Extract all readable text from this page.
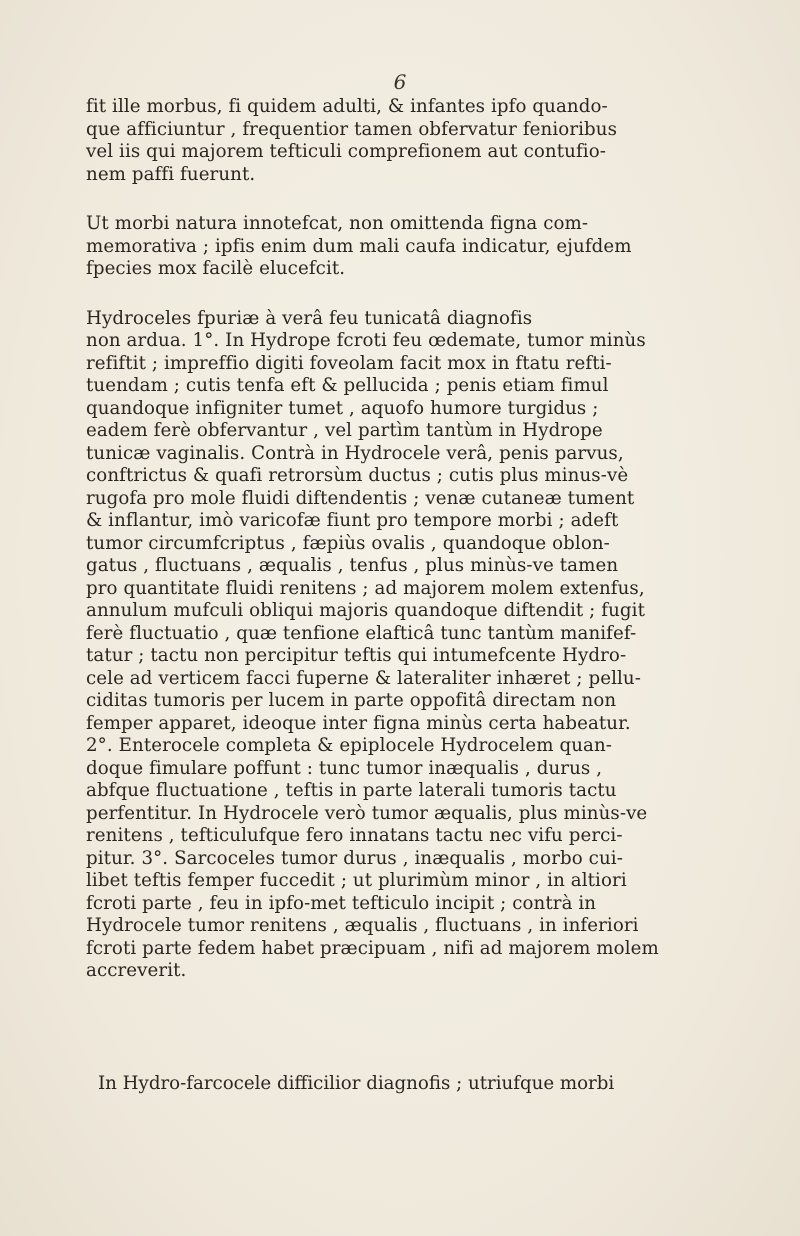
6

fit ille morbus, fi quidem adulti, & infantes ipfo quando-
que afficiuntur , frequentior tamen obfervatur fenioribus
vel iis qui majorem tefticuli comprefionem aut contufio-
nem paffi fuerunt.

Ut morbi natura innotefcat, non omittenda figna com-
memorativa ; ipfis enim dum mali caufa indicatur, ejufdem
fpecies mox facilè elucefcit.

Hydroceles fpuriæ à verâ feu tunicatâ diagnofis
non ardua. 1°. In Hydrope fcroti feu œdemate, tumor minùs
refiftit ; impreffio digiti foveolam facit mox in ftatu refti-
tuendam ; cutis tenfa eft & pellucida ; penis etiam fimul
quandoque infigniter tumet , aquofo humore turgidus ;
eadem ferè obfervantur , vel partìm tantùm in Hydrope
tunicæ vaginalis. Contrà in Hydrocele verâ, penis parvus,
conftrictus & quafi retrorsùm ductus ; cutis plus minus-vè
rugofa pro mole fluidi diftendentis ; venæ cutaneæ tument
& inflantur, imò varicofæ fiunt pro tempore morbi ; adeft
tumor circumfcriptus , fæpiùs ovalis , quandoque oblon-
gatus , fluctuans , æqualis , tenfus , plus minùs-ve tamen
pro quantitate fluidi renitens ; ad majorem molem extenfus,
annulum mufculi obliqui majoris quandoque diftendit ; fugit
ferè fluctuatio , quæ tenfione elafticâ tunc tantùm manifef-
tatur ; tactu non percipitur teftis qui intumefcente Hydro-
cele ad verticem facci fuperne & lateraliter inhæret ; pellu-
ciditas tumoris per lucem in parte oppofitâ directam non
femper apparet, ideoque inter figna minùs certa habeatur.
2°. Enterocele completa & epiplocele Hydrocelem quan-
doque fimulare poffunt : tunc tumor inæqualis , durus ,
abfque fluctuatione , teftis in parte laterali tumoris tactu
perfentitur. In Hydrocele verò tumor æqualis, plus minùs-ve
renitens , tefticulufque fero innatans tactu nec vifu perci-
pitur. 3°. Sarcoceles tumor durus , inæqualis , morbo cui-
libet teftis femper fuccedit ; ut plurimùm minor , in altiori
fcroti parte , feu in ipfo-met tefticulo incipit ; contrà in
Hydrocele tumor renitens , æqualis , fluctuans , in inferiori
fcroti parte fedem habet præcipuam , nifi ad majorem molem
accreverit.

In Hydro-farcocele difficilior diagnofis ; utriufque morbi
